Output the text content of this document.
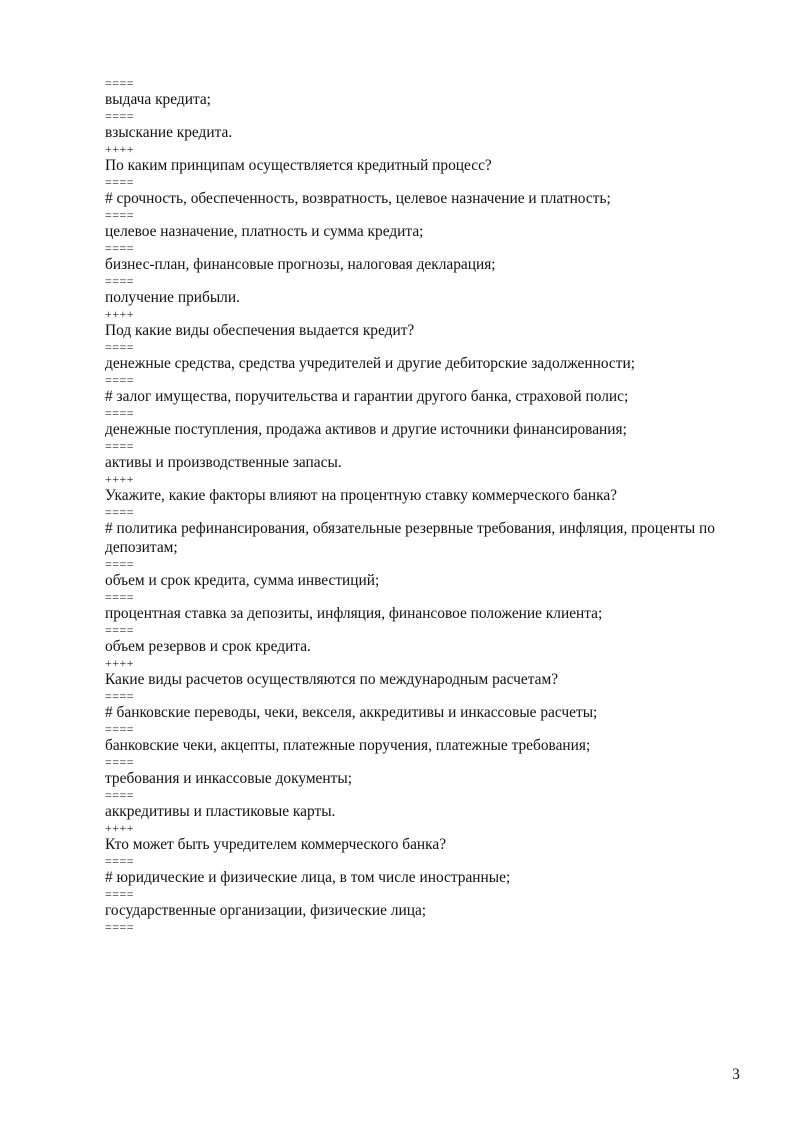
====

выдача кредита;

====

взыскание кредита.

++++

По каким принципам осуществляется кредитный процесс?

====

# срочность, обеспеченность, возвратность, целевое назначение и платность;

====

целевое назначение, платность и сумма кредита;

====

бизнес-план, финансовые прогнозы, налоговая декларация;

====

получение прибыли.

++++

Под какие виды обеспечения выдается кредит?

====

денежные средства, средства учредителей и другие дебиторские задолженности;

====

# залог имущества, поручительства и гарантии другого банка, страховой полис;

====

денежные поступления, продажа активов и другие источники финансирования;

====

активы и производственные запасы.

++++

Укажите, какие факторы влияют на процентную ставку коммерческого банка?

====

# политика рефинансирования, обязательные резервные требования, инфляция, проценты по депозитам;

====

объем и срок кредита, сумма инвестиций;

====

процентная ставка за депозиты, инфляция, финансовое положение клиента;

====

объем резервов и срок кредита.

++++

Какие виды расчетов осуществляются по международным расчетам?

====

# банковские переводы, чеки, векселя, аккредитивы и инкассовые расчеты;

====

банковские чеки, акцепты, платежные поручения, платежные требования;

====

требования и инкассовые документы;

====

аккредитивы и пластиковые карты.

++++

Кто может быть учредителем коммерческого банка?

====

# юридические и физические лица, в том числе иностранные;

====

государственные организации, физические лица;

====

3
